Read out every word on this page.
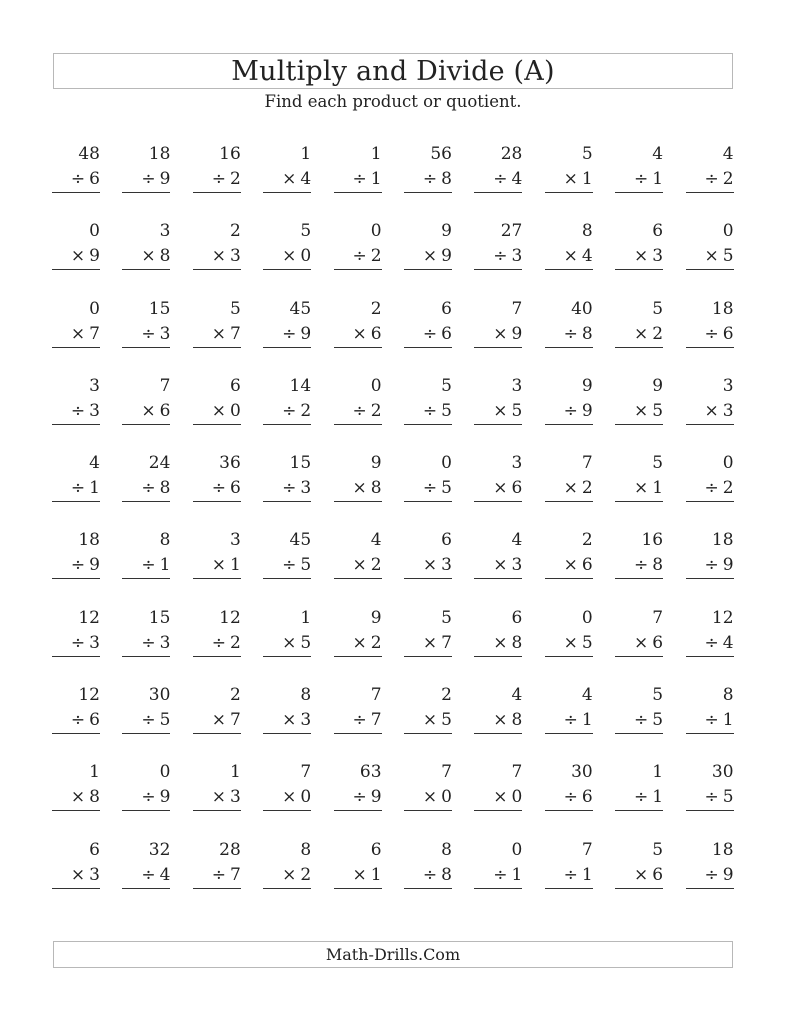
Multiply and Divide (A)
Find each product or quotient.
48
÷ 6
18
÷ 9
16
÷ 2
1
× 4
1
÷ 1
56
÷ 8
28
÷ 4
5
× 1
4
÷ 1
4
÷ 2
0
× 9
3
× 8
2
× 3
5
× 0
0
÷ 2
9
× 9
27
÷ 3
8
× 4
6
× 3
0
× 5
0
× 7
15
÷ 3
5
× 7
45
÷ 9
2
× 6
6
÷ 6
7
× 9
40
÷ 8
5
× 2
18
÷ 6
3
÷ 3
7
× 6
6
× 0
14
÷ 2
0
÷ 2
5
÷ 5
3
× 5
9
÷ 9
9
× 5
3
× 3
4
÷ 1
24
÷ 8
36
÷ 6
15
÷ 3
9
× 8
0
÷ 5
3
× 6
7
× 2
5
× 1
0
÷ 2
18
÷ 9
8
÷ 1
3
× 1
45
÷ 5
4
× 2
6
× 3
4
× 3
2
× 6
16
÷ 8
18
÷ 9
12
÷ 3
15
÷ 3
12
÷ 2
1
× 5
9
× 2
5
× 7
6
× 8
0
× 5
7
× 6
12
÷ 4
12
÷ 6
30
÷ 5
2
× 7
8
× 3
7
÷ 7
2
× 5
4
× 8
4
÷ 1
5
÷ 5
8
÷ 1
1
× 8
0
÷ 9
1
× 3
7
× 0
63
÷ 9
7
× 0
7
× 0
30
÷ 6
1
÷ 1
30
÷ 5
6
× 3
32
÷ 4
28
÷ 7
8
× 2
6
× 1
8
÷ 8
0
÷ 1
7
÷ 1
5
× 6
18
÷ 9
Math-Drills.Com
